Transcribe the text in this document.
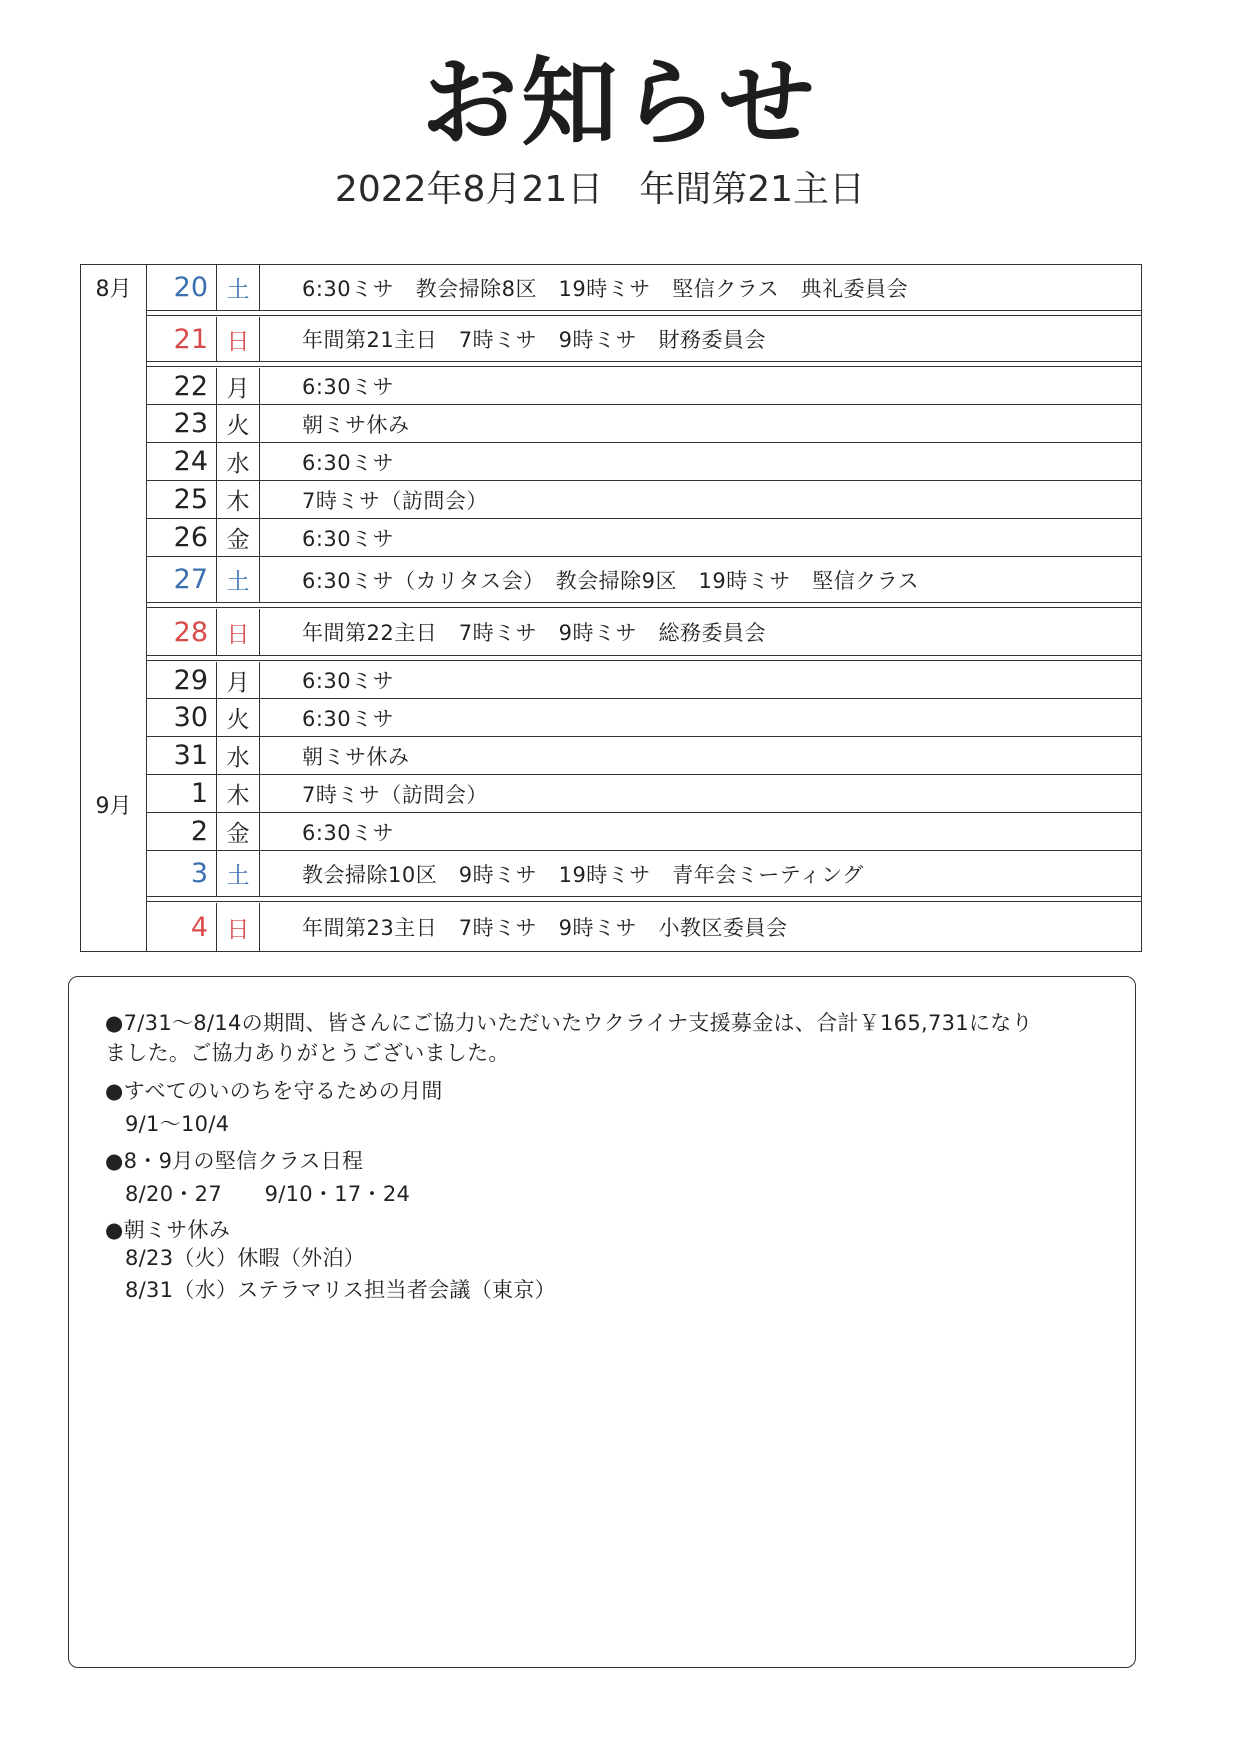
お知らせ
2022年8月21日　年間第21主日
8月
9月
20 土	6:30ミサ　教会掃除8区　19時ミサ　堅信クラス　典礼委員会
21 日	年間第21主日　7時ミサ　9時ミサ　財務委員会
22 月	6:30ミサ
23 火	朝ミサ休み
24 水	6:30ミサ
25 木	7時ミサ（訪問会）
26 金	6:30ミサ
27 土	6:30ミサ（カリタス会）　教会掃除9区　19時ミサ　堅信クラス
28 日	年間第22主日　7時ミサ　9時ミサ　総務委員会
29 月	6:30ミサ
30 火	6:30ミサ
31 水	朝ミサ休み
1 木	7時ミサ（訪問会）
2 金	6:30ミサ
3 土	教会掃除10区　9時ミサ　19時ミサ　青年会ミーティング
4 日	年間第23主日　7時ミサ　9時ミサ　小教区委員会
●7/31～8/14の期間、皆さんにご協力いただいたウクライナ支援募金は、合計￥165,731になり
ました。ご協力ありがとうございました。
●すべてのいのちを守るための月間
9/1～10/4
●8・9月の堅信クラス日程
8/20・27　　9/10・17・24
●朝ミサ休み
8/23（火）休暇（外泊）
8/31（水）ステラマリス担当者会議（東京）
